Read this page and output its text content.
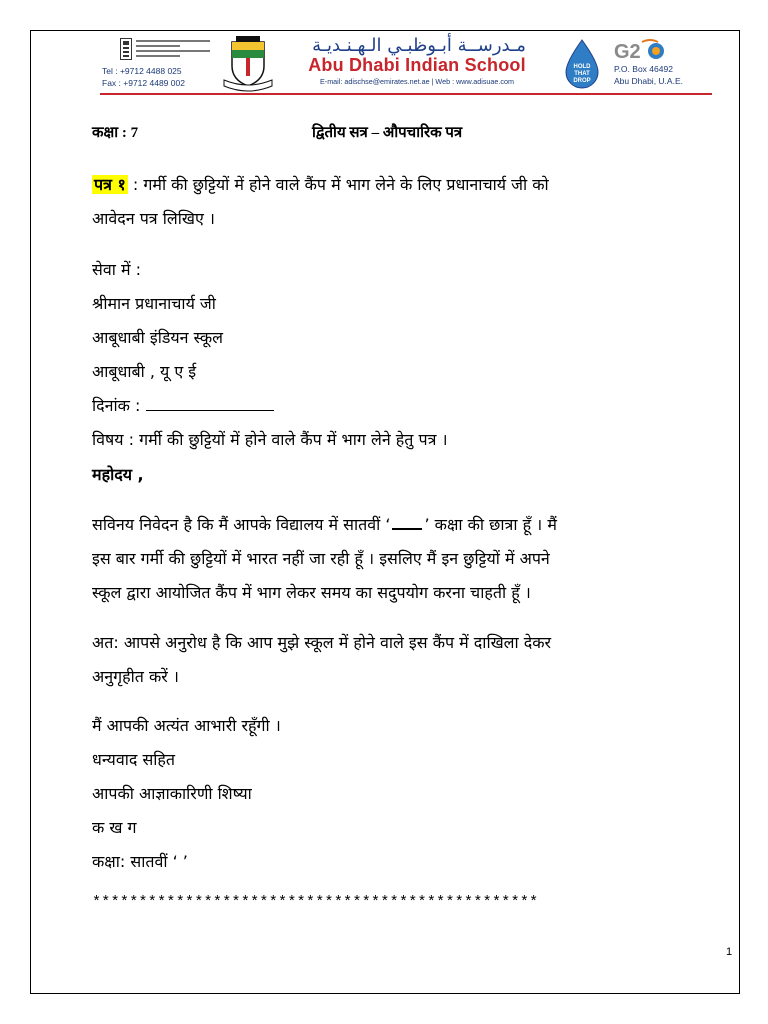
Tel : +9712 4488 025
Fax : +9712 4489 002
مـدرســة أبـوظبـي الـهـنـديـة
Abu Dhabi Indian School
E-mail: adischse@emirates.net.ae | Web : www.adisuae.com
HOLD
THAT
DROP
G2
P.O. Box 46492
Abu Dhabi, U.A.E.
कक्षा : 7	द्वितीय सत्र – औपचारिक पत्र
पत्र १ : गर्मी की छुट्टियों में होने वाले कैंप में भाग लेने के लिए प्रधानाचार्य जी को
आवेदन पत्र लिखिए ।
सेवा में :
श्रीमान प्रधानाचार्य जी
आबूधाबी इंडियन स्कूल
आबूधाबी , यू ए ई
दिनांक :
विषय : गर्मी की छुट्टियों में होने वाले कैंप में भाग लेने हेतु पत्र ।
महोदय ,
सविनय निवेदन है कि मैं आपके विद्यालय में सातवीं ‘ ’ कक्षा की छात्रा हूँ । मैं
इस बार गर्मी की छुट्टियों में भारत नहीं जा रही हूँ । इसलिए मैं इन छुट्टियों में अपने
स्कूल द्वारा आयोजित कैंप में भाग लेकर समय का सदुपयोग करना चाहती हूँ ।
अत: आपसे अनुरोध है कि आप मुझे स्कूल में होने वाले इस कैंप में दाखिला देकर
अनुगृहीत करें ।
मैं आपकी अत्यंत आभारी रहूँगी ।
धन्यवाद सहित
आपकी आज्ञाकारिणी शिष्या
क ख ग
कक्षा: सातवीं ‘ ’
************************************************
1
